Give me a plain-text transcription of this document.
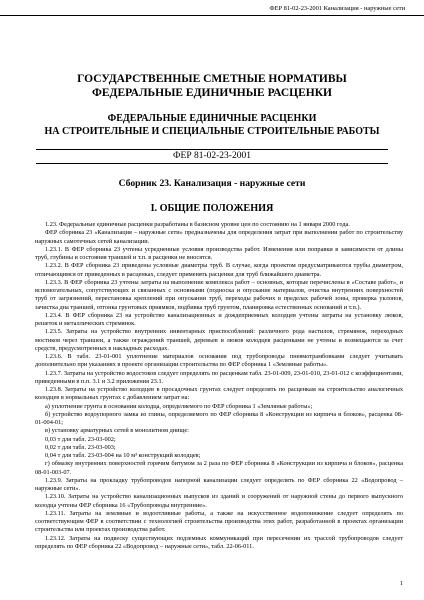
ФЕР 81-02-23-2001 Канализация - наружные сети
ГОСУДАРСТВЕННЫЕ СМЕТНЫЕ НОРМАТИВЫ
ФЕДЕРАЛЬНЫЕ ЕДИНИЧНЫЕ РАСЦЕНКИ
ФЕДЕРАЛЬНЫЕ ЕДИНИЧНЫЕ РАСЦЕНКИ
НА СТРОИТЕЛЬНЫЕ И СПЕЦИАЛЬНЫЕ СТРОИТЕЛЬНЫЕ РАБОТЫ
ФЕР 81-02-23-2001
Сборник 23. Канализация - наружные сети
I. ОБЩИЕ ПОЛОЖЕНИЯ

1.23. Федеральные единичные расценки разработаны в базисном уровне цен по состоянию на 1 января 2000 года.

ФЕР сборника 23 «Канализация – наружные сети» предназначены для определения затрат при выполнении работ по строительству наружных самотечных сетей канализации.

1.23.1. В ФЕР сборника 23 учтены усредненные условия производства работ. Изменения или поправки в зависимости от длины труб, глубины и состояния траншей и т.п. в расценки не вносятся.

1.23.2. В ФЕР сборника 23 приведены условные диаметры труб. В случае, когда проектом предусматриваются трубы диаметром, отличающимся от приведенных в расценках, следует применять расценки для труб ближайшего диаметра.

1.23.3. В ФЕР сборника 23 учтены затраты на выполнение комплекса работ – основных, которые перечислены в «Составе работ», и вспомогательных, сопутствующих и связанных с основными (подноска и опускание материалов, очистка внутренних поверхностей труб от загрязнений, перестановка креплений при опускании труб, переходы рабочих в пределах рабочей зоны, проверка уклонов, зачистка дна траншей, отгонка грунтовых приямков, подбивка труб грунтом, планировка естественных оснований и т.п.).

1.23.4. В ФЕР сборника 23 на устройство канализационных и дождеприемных колодцев учтены затраты на установку люков, решеток и металлических стремянок.

1.23.5. Затраты на устройство внутренних инвентарных приспособлений: различного рода настилов, стремянок, переходных мостиков через траншеи, а также ограждений траншей, деревьев и люков колодцев расценками не учтены и возмещаются за счет средств, предусмотренных в накладных расходах.

1.23.6. В табл. 23-01-001 уплотнение материалов основания под трубопроводы пневмотрамбовками следует учитывать дополнительно при указаниях в проекте организации строительства по ФЕР сборника 1 «Земляные работы».

1.23.7. Затраты на устройство водостоков следует определять по расценкам табл. 23-01-009, 23-01-010, 23-01-012 с коэффициентами, приведенными в п.п. 3.1 и 3.2 приложения 23.1.

1.23.8. Затраты на устройство колодцев в просадочных грунтах следует определять по расценкам на строительство аналогичных колодцев в нормальных грунтах с добавлением затрат на:

а) уплотнение грунта в основании колодца, определяемого по ФЕР сборника 1 «Земляные работы»;

б) устройство водоупорного замка из глины, определяемого по ФЕР сборника 8 «Конструкции из кирпича и блоков», расценка 08-01-004-01;

в) установку арматурных сетей в монолитном днище:

0,03 т для табл. 23-03-002;

0,02 т для табл. 23-03-003;

0,04 т для табл. 23-03-004 на 10 м³ конструкций колодцев;

г) обмазку внутренних поверхностей горячим битумом за 2 раза по ФЕР сборника 8 «Конструкции из кирпича и блоков», расценка 08-01-003-07.

1.23.9. Затраты на прокладку трубопроводов напорной канализации следует определять по ФЕР сборника 22 «Водопровод – наружные сети».

1.23.10. Затраты на устройство канализационных выпусков из зданий и сооружений от наружной стены до первого выпускного колодца учтены ФЕР сборника 16 «Трубопроводы внутренние».

1.23.11. Затраты на земляные и водоотливные работы, а также на искусственное водопонижение следует определять по соответствующим ФЕР в соответствии с технологией строительства производства этих работ, разработанной в проектах организации строительства или проектах производства работ.

1.23.12. Затраты на подвеску существующих подземных коммуникаций при пересечении их трассой трубопроводов следует определять по ФЕР сборника 22 «Водопровод – наружные сети», табл. 22-06-011.

1
